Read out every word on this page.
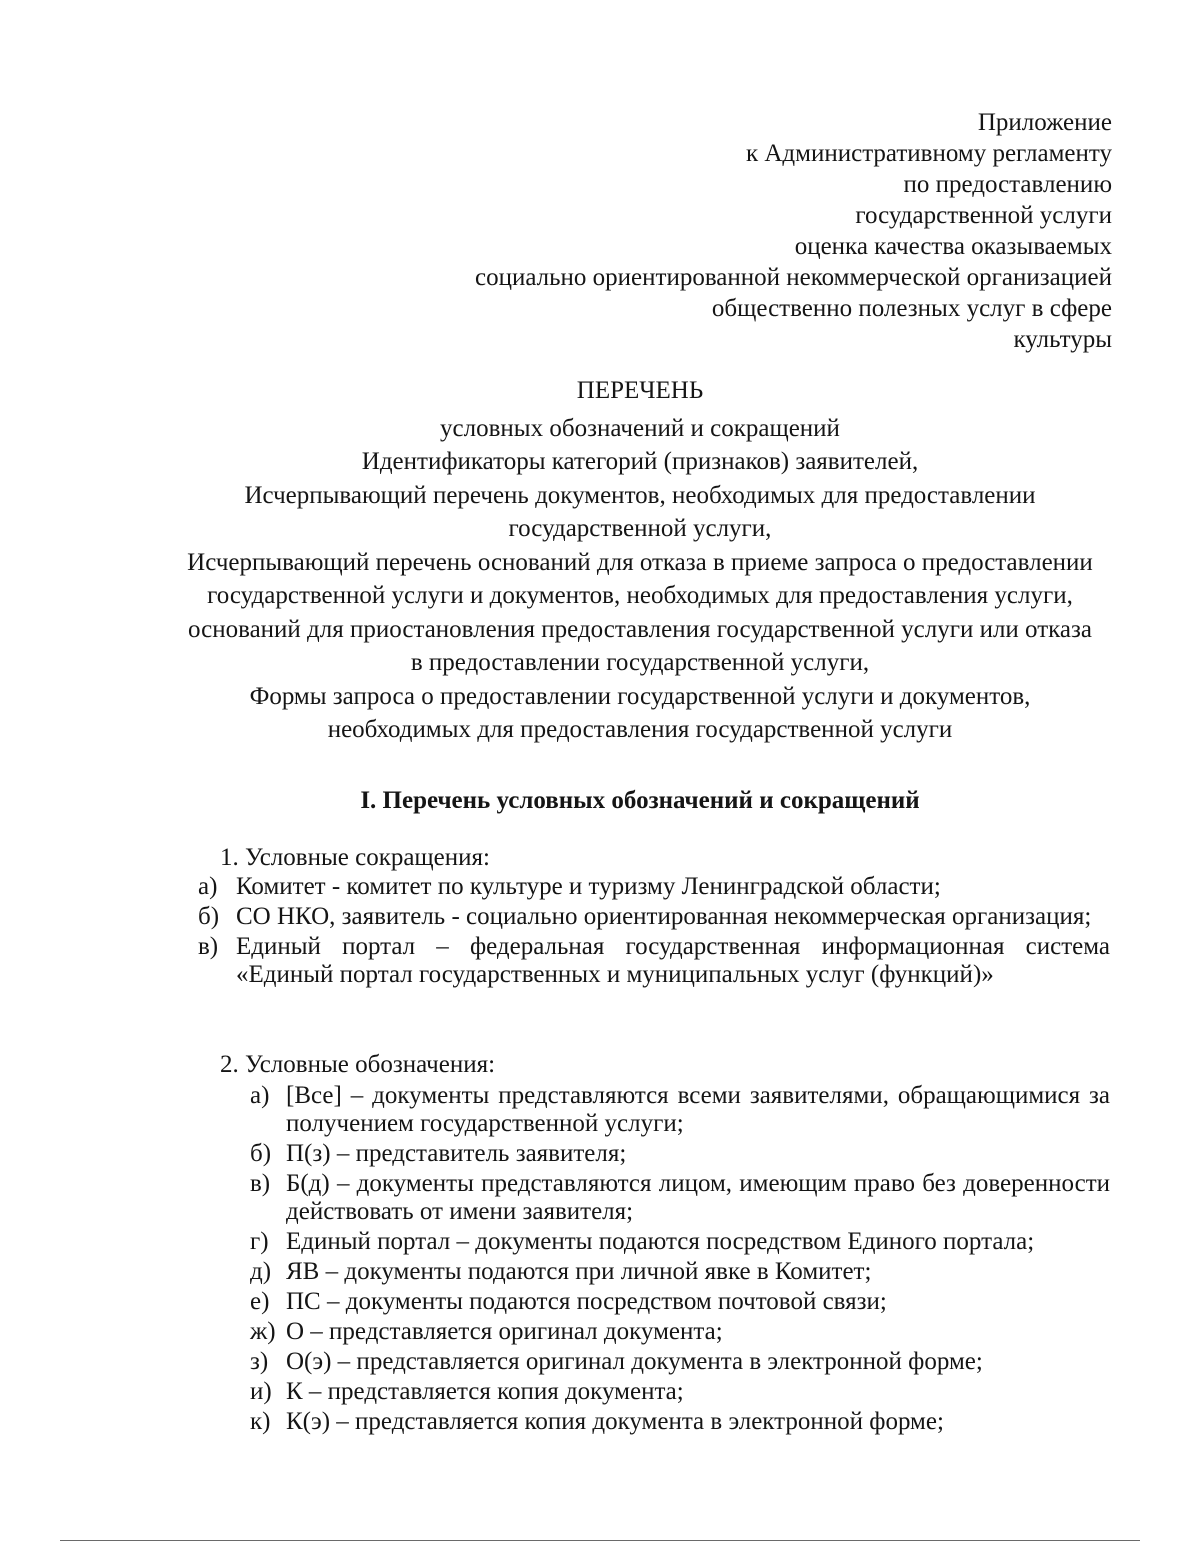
Приложение
к Административному регламенту
по предоставлению
государственной услуги
оценка качества оказываемых
социально ориентированной некоммерческой организацией
общественно полезных услуг в сфере
культуры
ПЕРЕЧЕНЬ
условных обозначений и сокращений
Идентификаторы категорий (признаков) заявителей,
Исчерпывающий перечень документов, необходимых для предоставлении
государственной услуги,
Исчерпывающий перечень оснований для отказа в приеме запроса о предоставлении
государственной услуги и документов, необходимых для предоставления услуги,
оснований для приостановления предоставления государственной услуги или отказа
в предоставлении государственной услуги,
Формы запроса о предоставлении государственной услуги и документов,
необходимых для предоставления государственной услуги
I. Перечень условных обозначений и сокращений
1. Условные сокращения:
а) Комитет - комитет по культуре и туризму Ленинградской области;
б) СО НКО, заявитель - социально ориентированная некоммерческая организация;
в) Единый портал – федеральная государственная информационная система «Единый портал государственных и муниципальных услуг (функций)»
2. Условные обозначения:
а) [Все] – документы представляются всеми заявителями, обращающимися за получением государственной услуги;
б) П(з) – представитель заявителя;
в) Б(д) – документы представляются лицом, имеющим право без доверенности действовать от имени заявителя;
г) Единый портал – документы подаются посредством Единого портала;
д) ЯВ – документы подаются при личной явке в Комитет;
е) ПС – документы подаются посредством почтовой связи;
ж) О – представляется оригинал документа;
з) О(э) – представляется оригинал документа в электронной форме;
и) К – представляется копия документа;
к) К(э) – представляется копия документа в электронной форме;
